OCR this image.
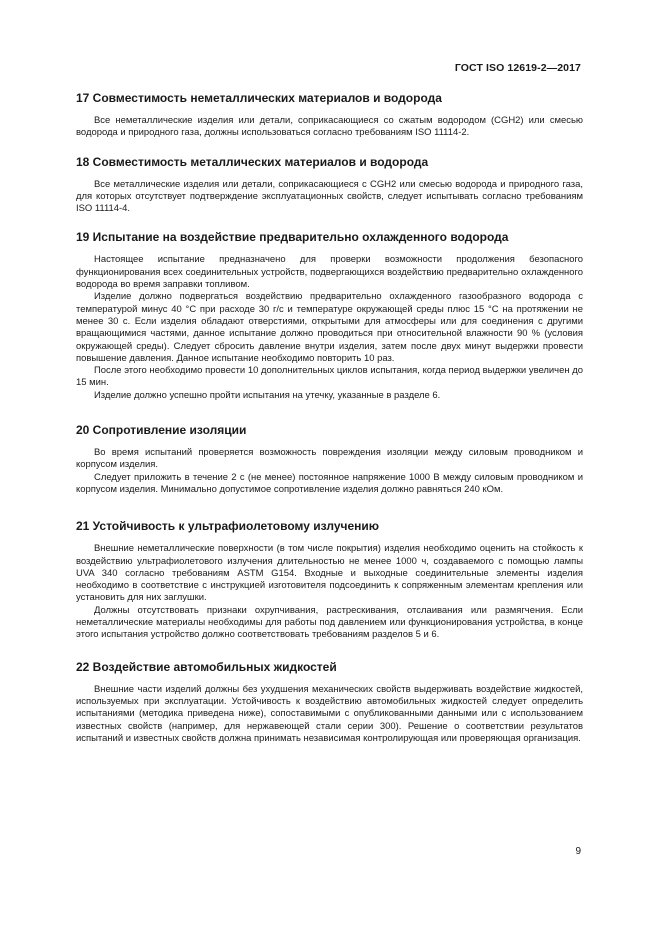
ГОСТ ISO 12619-2—2017
17 Совместимость неметаллических материалов и водорода

Все неметаллические изделия или детали, соприкасающиеся со сжатым водородом (CGH2) или смесью водорода и природного газа, должны использоваться согласно требованиям ISO 11114-2.

18 Совместимость металлических материалов и водорода

Все металлические изделия или детали, соприкасающиеся с CGH2 или смесью водорода и природного газа, для которых отсутствует подтверждение эксплуатационных свойств, следует испытывать согласно требованиям ISO 11114-4.

19 Испытание на воздействие предварительно охлажденного водорода

Настоящее испытание предназначено для проверки возможности продолжения безопасного функционирования всех соединительных устройств, подвергающихся воздействию предварительно охлажденного водорода во время заправки топливом.

Изделие должно подвергаться воздействию предварительно охлажденного газообразного водорода с температурой минус 40 °С при расходе 30 г/с и температуре окружающей среды плюс 15 °С на протяжении не менее 30 с. Если изделия обладают отверстиями, открытыми для атмосферы или для соединения с другими вращающимися частями, данное испытание должно проводиться при относительной влажности 90 % (условия окружающей среды). Следует сбросить давление внутри изделия, затем после двух минут выдержки провести повышение давления. Данное испытание необходимо повторить 10 раз.

После этого необходимо провести 10 дополнительных циклов испытания, когда период выдержки увеличен до 15 мин.

Изделие должно успешно пройти испытания на утечку, указанные в разделе 6.

20 Сопротивление изоляции

Во время испытаний проверяется возможность повреждения изоляции между силовым проводником и корпусом изделия.

Следует приложить в течение 2 с (не менее) постоянное напряжение 1000 В между силовым проводником и корпусом изделия. Минимально допустимое сопротивление изделия должно равняться 240 кОм.

21 Устойчивость к ультрафиолетовому излучению

Внешние неметаллические поверхности (в том числе покрытия) изделия необходимо оценить на стойкость к воздействию ультрафиолетового излучения длительностью не менее 1000 ч, создаваемого с помощью лампы UVA 340 согласно требованиям ASTM G154. Входные и выходные соединительные элементы изделия необходимо в соответствие с инструкцией изготовителя подсоединить к сопряженным элементам крепления или установить для них заглушки.

Должны отсутствовать признаки охрупчивания, растрескивания, отслаивания или размягчения. Если неметаллические материалы необходимы для работы под давлением или функционирования устройства, в конце этого испытания устройство должно соответствовать требованиям разделов 5 и 6.

22 Воздействие автомобильных жидкостей

Внешние части изделий должны без ухудшения механических свойств выдерживать воздействие жидкостей, используемых при эксплуатации. Устойчивость к воздействию автомобильных жидкостей следует определить испытаниями (методика приведена ниже), сопоставимыми с опубликованными данными или с использованием известных свойств (например, для нержавеющей стали серии 300). Решение о соответствии результатов испытаний и известных свойств должна принимать независимая контролирующая или проверяющая организация.

9
